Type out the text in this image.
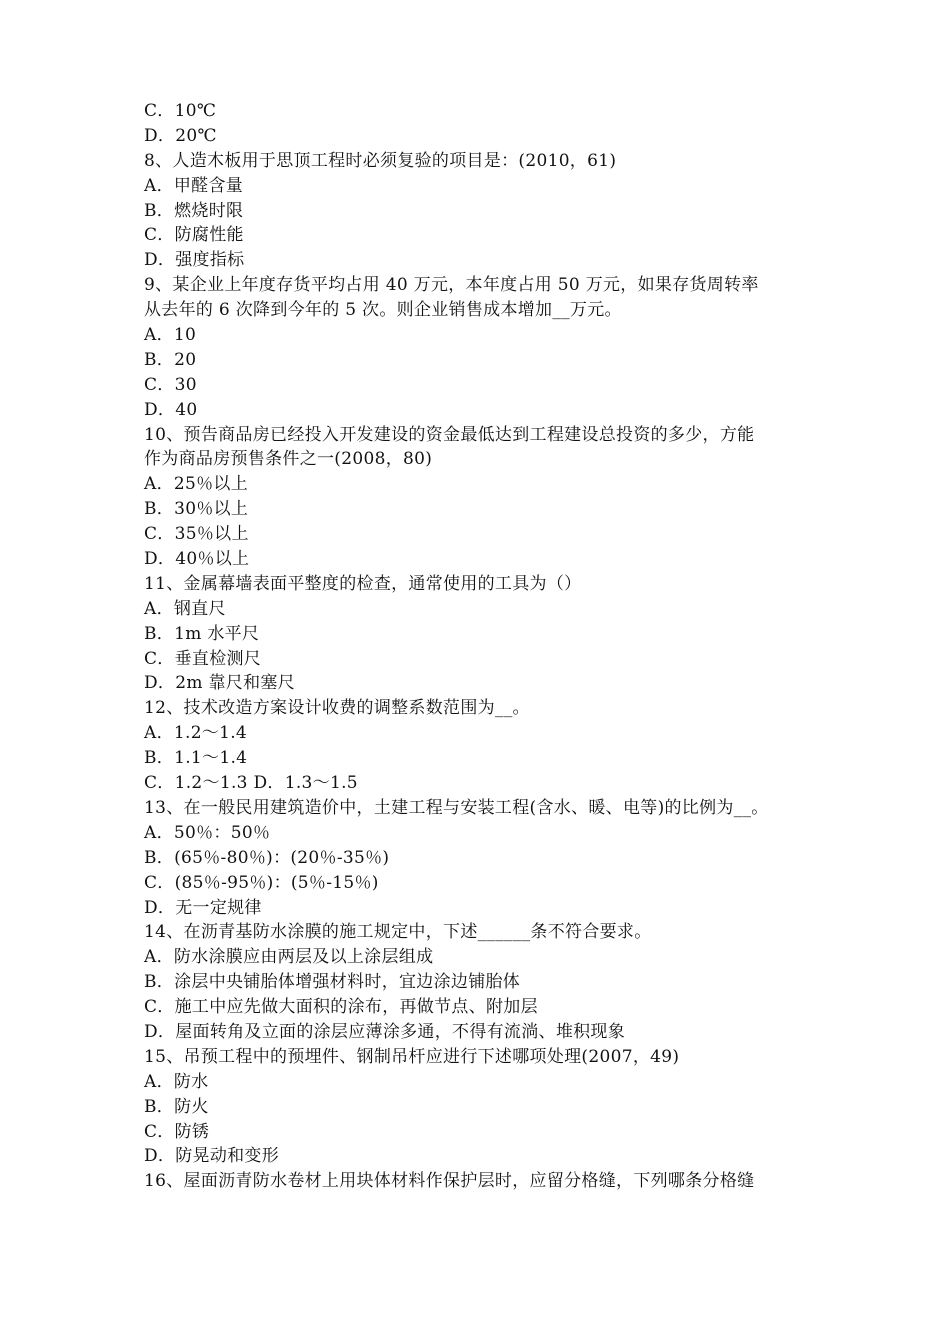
C．10℃
D．20℃
8、人造木板用于思顶工程时必须复验的项目是：(2010，61)
A．甲醛含量
B．燃烧时限
C．防腐性能
D．强度指标
9、某企业上年度存货平均占用 40 万元，本年度占用 50 万元，如果存货周转率
从去年的 6 次降到今年的 5 次。则企业销售成本增加__万元。
A．10
B．20
C．30
D．40
10、预告商品房已经投入开发建设的资金最低达到工程建设总投资的多少，方能
作为商品房预售条件之一(2008，80)
A．25％以上
B．30％以上
C．35％以上
D．40％以上
11、金属幕墙表面平整度的检查，通常使用的工具为（）
A．钢直尺
B．1m 水平尺
C．垂直检测尺
D．2m 靠尺和塞尺
12、技术改造方案设计收费的调整系数范围为__。
A．1.2～1.4
B．1.1～1.4
C．1.2～1.3 D．1.3～1.5
13、在一般民用建筑造价中，土建工程与安装工程(含水、暖、电等)的比例为__。
A．50％：50％
B．(65％-80％)：(20％-35％)
C．(85％-95％)：(5％-15％)
D．无一定规律
14、在沥青基防水涂膜的施工规定中，下述______条不符合要求。
A．防水涂膜应由两层及以上涂层组成
B．涂层中央铺胎体增强材料时，宜边涂边铺胎体
C．施工中应先做大面积的涂布，再做节点、附加层
D．屋面转角及立面的涂层应薄涂多通，不得有流淌、堆积现象
15、吊预工程中的预埋件、钢制吊杆应进行下述哪项处理(2007，49)
A．防水
B．防火
C．防锈
D．防晃动和变形
16、屋面沥青防水卷材上用块体材料作保护层时，应留分格缝，下列哪条分格缝
